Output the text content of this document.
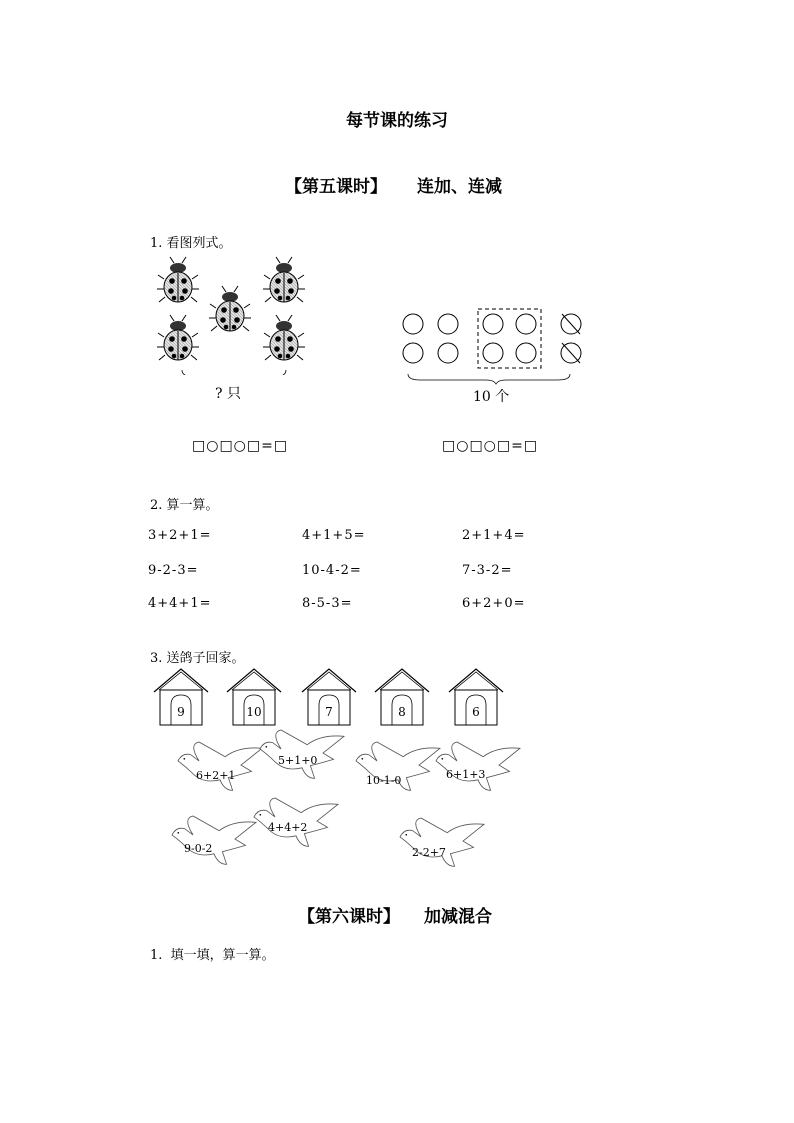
每节课的练习
【第五课时】 连加、连减
1. 看图列式。
? 只	10 个
□○□○□=□	□○□○□=□
2. 算一算。
3+2+1=	4+1+5=	2+1+4=
9-2-3=	10-4-2=	7-3-2=
4+4+1=	8-5-3=	6+2+0=
3. 送鸽子回家。
9	10	7	8	6
6+2+1
5+1+0
10-1-0	6+1+3
9-0-2
4+4+2
2-2+7
【第六课时】 加减混合
1.  填一填，算一算。
